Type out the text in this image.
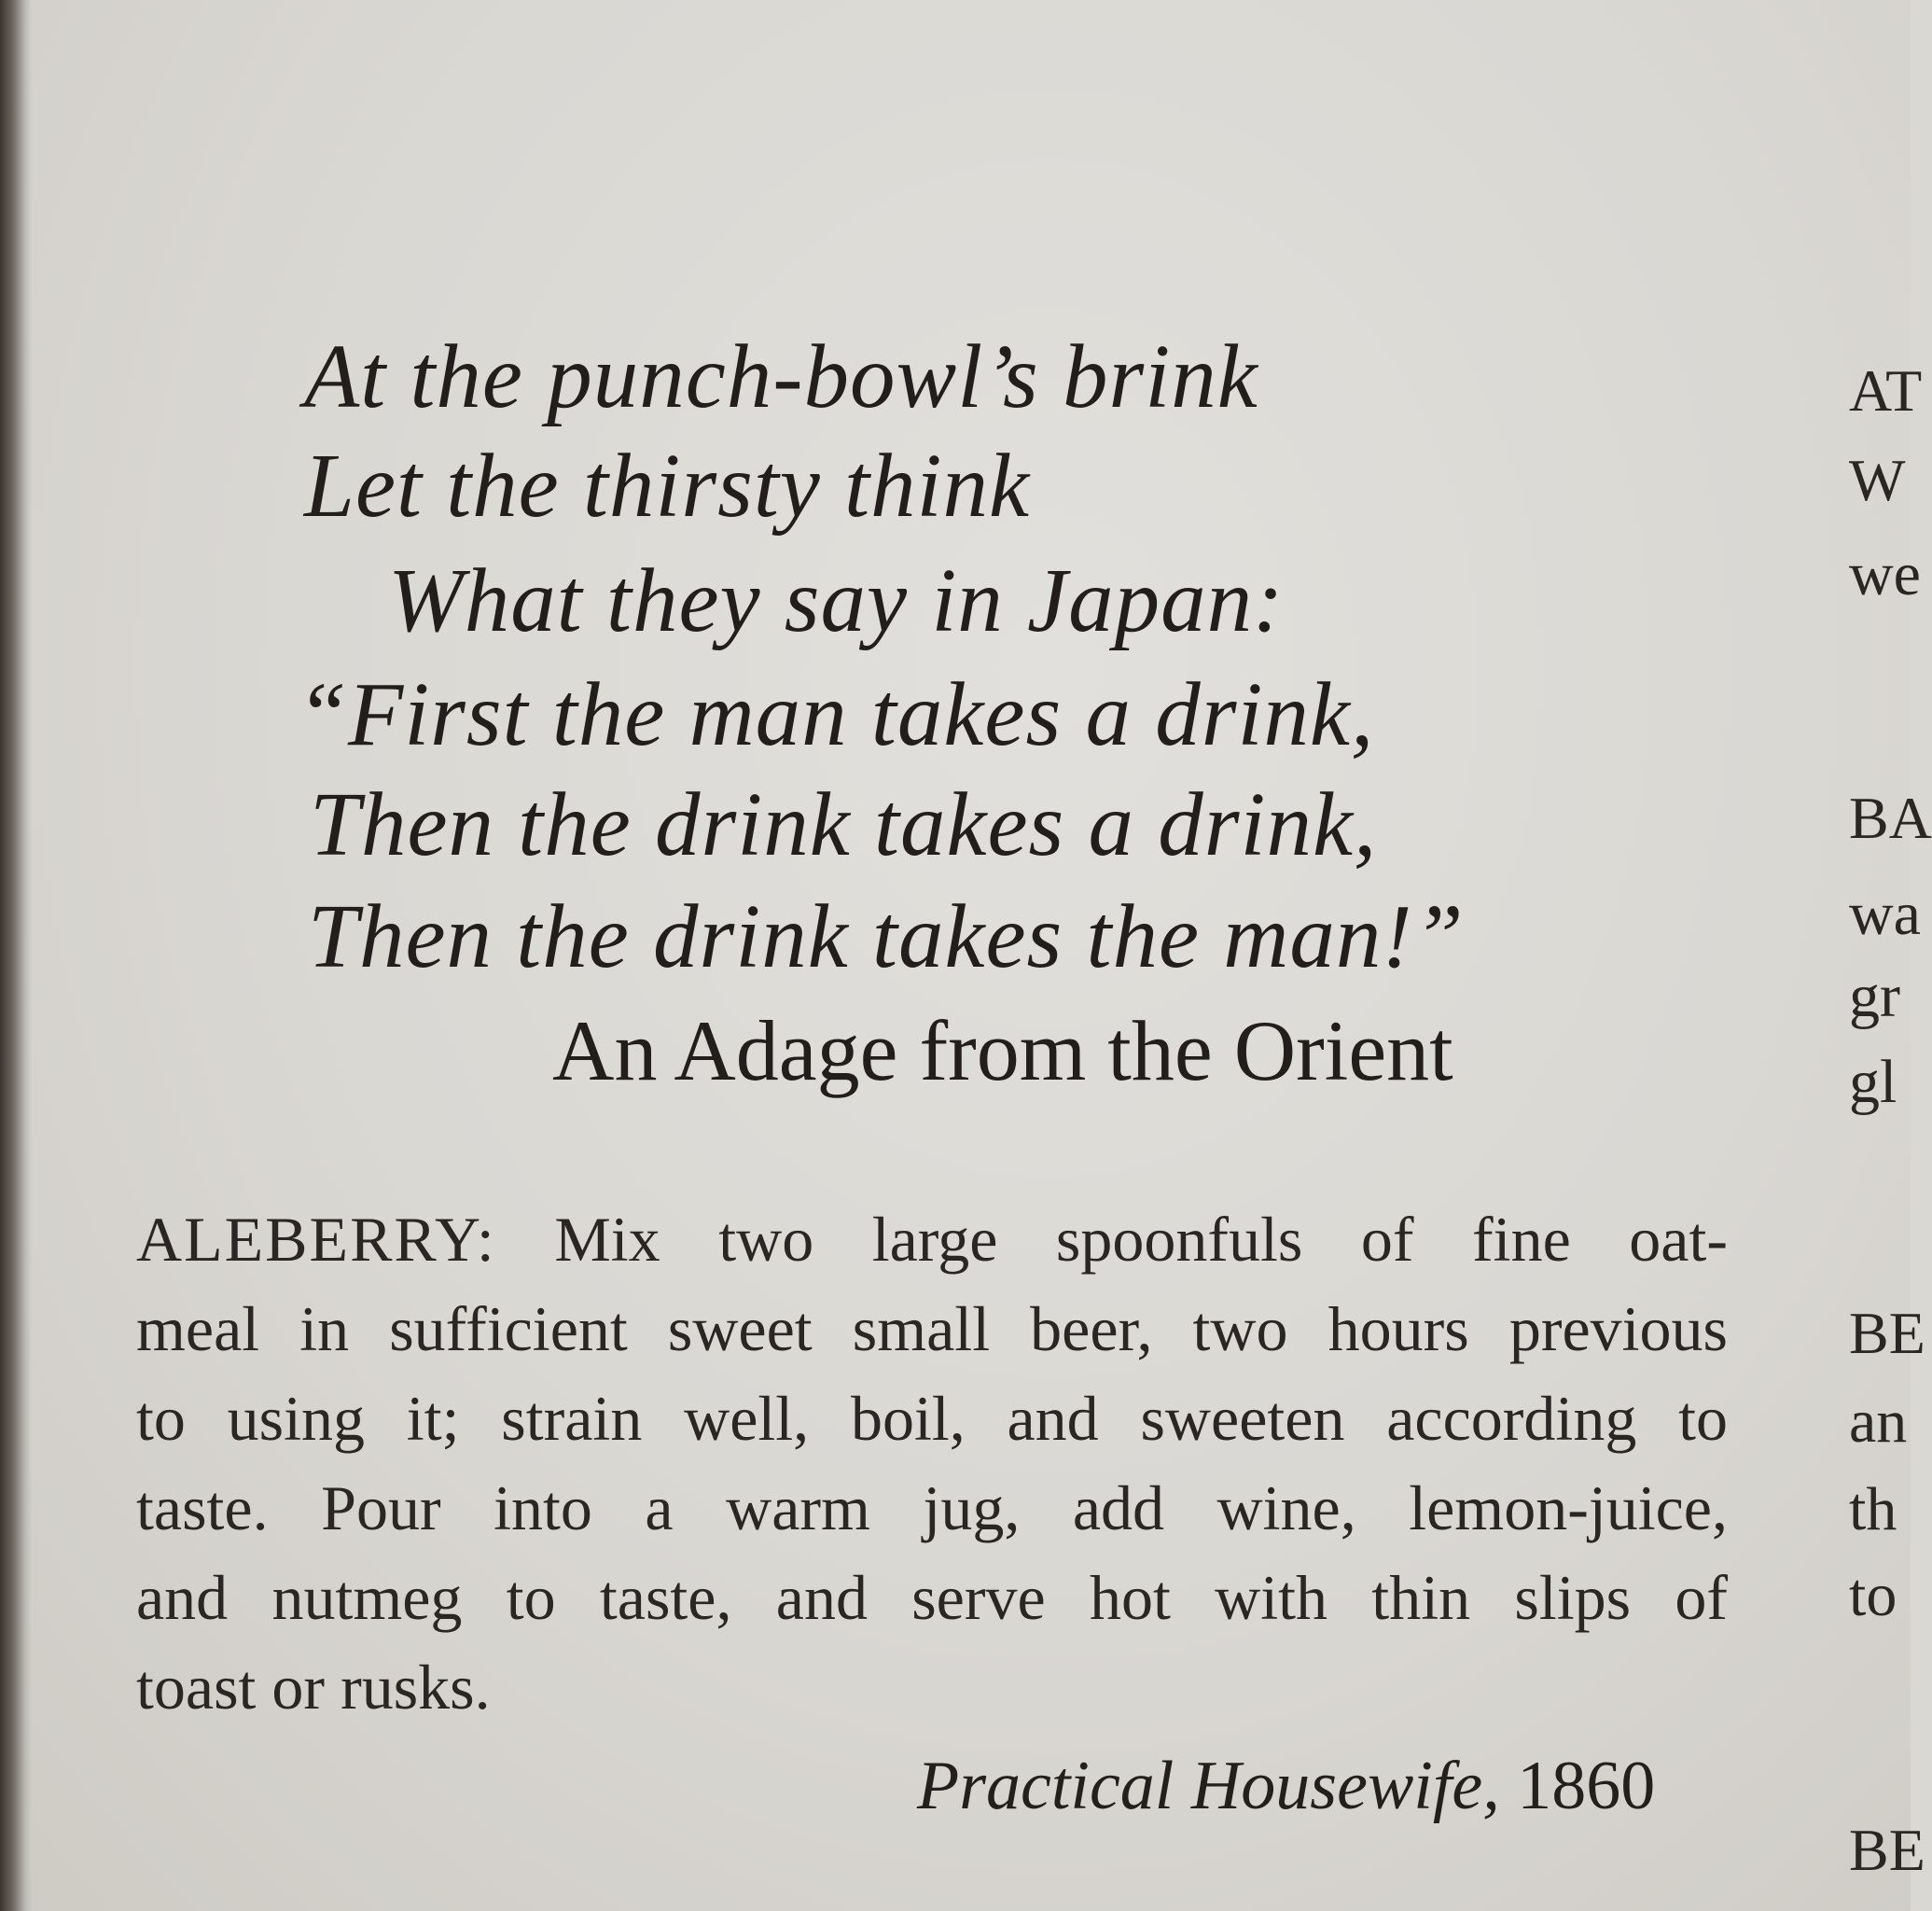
At the punch-bowl’s brink

Let the thirsty think

What they say in Japan:

“First the man takes a drink,

Then the drink takes a drink,

Then the drink takes the man!”

An Adage from the Orient

ALEBERRY: Mix two large spoonfuls of fine oat-
meal in sufficient sweet small beer, two hours previous
to using it; strain well, boil, and sweeten according to
taste. Pour into a warm jug, add wine, lemon-juice,
and nutmeg to taste, and serve hot with thin slips of
toast or rusks.
Practical Housewife, 1860
AT
W
we
BA
wa
gr
gl
BE
an
th
to
BE
